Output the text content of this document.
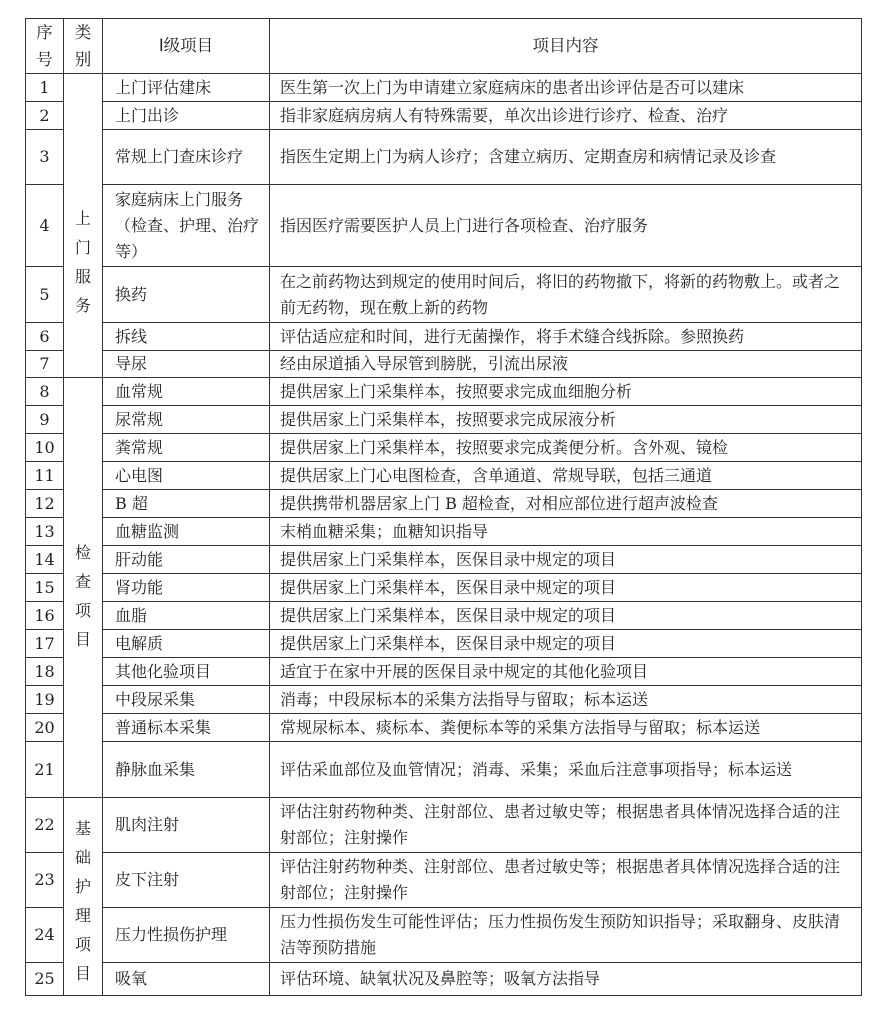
序号	类别	Ⅰ级项目	项目内容
1	上门服务	上门评估建床	医生第一次上门为申请建立家庭病床的患者出诊评估是否可以建床
2		上门出诊	指非家庭病房病人有特殊需要，单次出诊进行诊疗、检查、治疗
3		常规上门查床诊疗	指医生定期上门为病人诊疗；含建立病历、定期查房和病情记录及诊查
4		家庭病床上门服务（检查、护理、治疗等）	指因医疗需要医护人员上门进行各项检查、治疗服务
5		换药	在之前药物达到规定的使用时间后，将旧的药物撤下，将新的药物敷上。或者之前无药物，现在敷上新的药物
6		拆线	评估适应症和时间，进行无菌操作，将手术缝合线拆除。参照换药
7		导尿	经由尿道插入导尿管到膀胱，引流出尿液
8	检查项目	血常规	提供居家上门采集样本，按照要求完成血细胞分析
9		尿常规	提供居家上门采集样本，按照要求完成尿液分析
10		粪常规	提供居家上门采集样本，按照要求完成粪便分析。含外观、镜检
11		心电图	提供居家上门心电图检查，含单通道、常规导联，包括三通道
12		B 超	提供携带机器居家上门 B 超检查，对相应部位进行超声波检查
13		血糖监测	末梢血糖采集；血糖知识指导
14		肝动能	提供居家上门采集样本，医保目录中规定的项目
15		肾功能	提供居家上门采集样本，医保目录中规定的项目
16		血脂	提供居家上门采集样本，医保目录中规定的项目
17		电解质	提供居家上门采集样本，医保目录中规定的项目
18		其他化验项目	适宜于在家中开展的医保目录中规定的其他化验项目
19		中段尿采集	消毒；中段尿标本的采集方法指导与留取；标本运送
20		普通标本采集	常规尿标本、痰标本、粪便标本等的采集方法指导与留取；标本运送
21		静脉血采集	评估采血部位及血管情况；消毒、采集；采血后注意事项指导；标本运送
22	基础护理项目	肌肉注射	评估注射药物种类、注射部位、患者过敏史等；根据患者具体情况选择合适的注射部位；注射操作
23		皮下注射	评估注射药物种类、注射部位、患者过敏史等；根据患者具体情况选择合适的注射部位；注射操作
24		压力性损伤护理	压力性损伤发生可能性评估；压力性损伤发生预防知识指导；采取翻身、皮肤清洁等预防措施
25		吸氧	评估环境、缺氧状况及鼻腔等；吸氧方法指导
